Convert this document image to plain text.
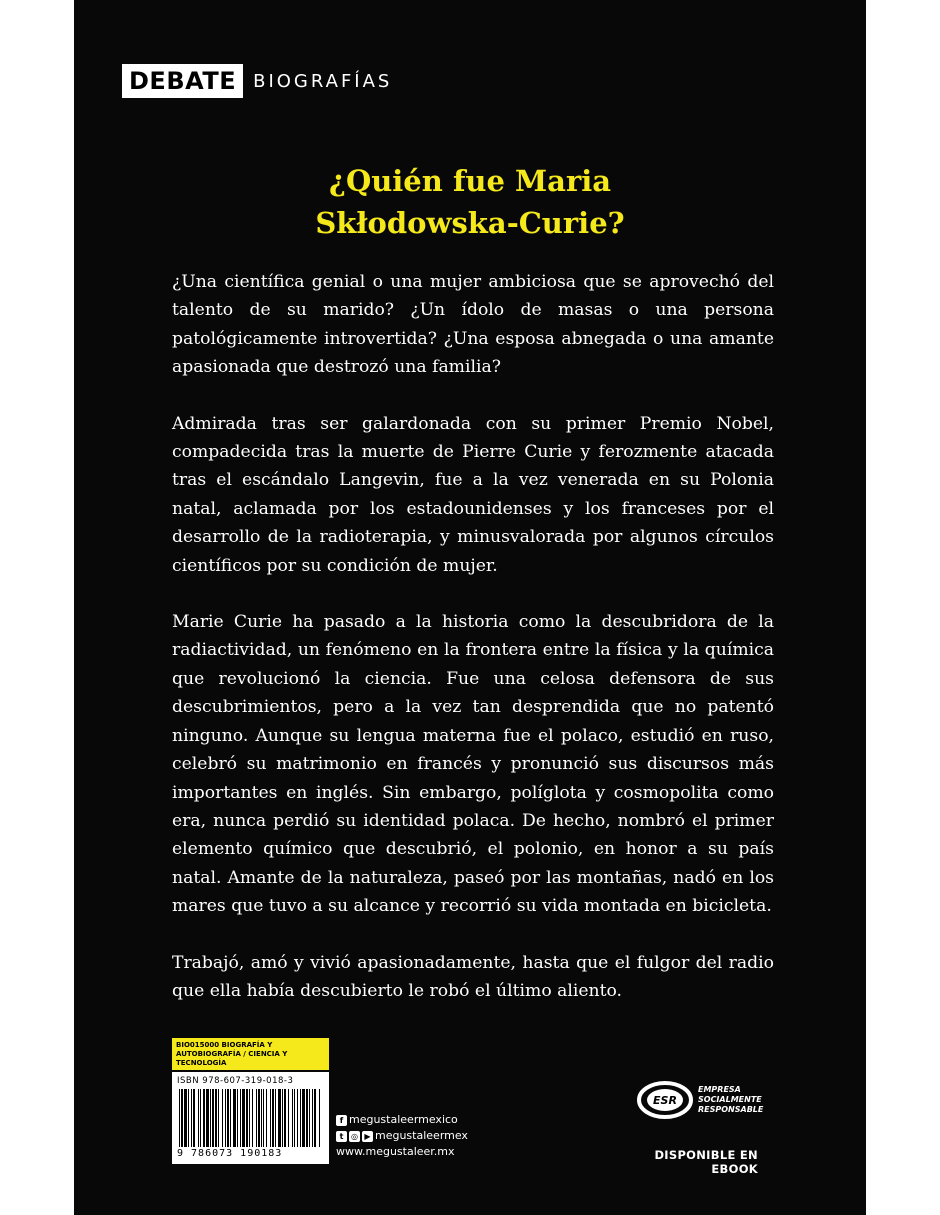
DEBATE BIOGRAFÍAS
¿Quién fue Maria
Skłodowska-Curie?

¿Una científica genial o una mujer ambiciosa que se aprovechó del talento de su marido? ¿Un ídolo de masas o una persona patológicamente introvertida? ¿Una esposa abnegada o una amante apasionada que destrozó una familia?

Admirada tras ser galardonada con su primer Premio Nobel, compadecida tras la muerte de Pierre Curie y ferozmente atacada tras el escándalo Langevin, fue a la vez venerada en su Polonia natal, aclamada por los estadounidenses y los franceses por el desarrollo de la radioterapia, y minusvalorada por algunos círculos científicos por su condición de mujer.

Marie Curie ha pasado a la historia como la descubridora de la radiactividad, un fenómeno en la frontera entre la física y la química que revolucionó la ciencia. Fue una celosa defensora de sus descubrimientos, pero a la vez tan desprendida que no patentó ninguno. Aunque su lengua materna fue el polaco, estudió en ruso, celebró su matrimonio en francés y pronunció sus discursos más importantes en inglés. Sin embargo, políglota y cosmopolita como era, nunca perdió su identidad polaca. De hecho, nombró el primer elemento químico que descubrió, el polonio, en honor a su país natal. Amante de la naturaleza, paseó por las montañas, nadó en los mares que tuvo a su alcance y recorrió su vida montada en bicicleta.

Trabajó, amó y vivió apasionadamente, hasta que el fulgor del radio que ella había descubierto le robó el último aliento.

BIO015000 BIOGRAFÍA Y AUTOBIOGRAFÍA / CIENCIA Y TECNOLOGÍA
ISBN 978-607-319-018-3
9 786073 190183
f megustaleermexico
t ◎ ▶ megustaleermex
www.megustaleer.mx
ESR
EMPRESA
SOCIALMENTE
RESPONSABLE
DISPONIBLE EN EBOOK
